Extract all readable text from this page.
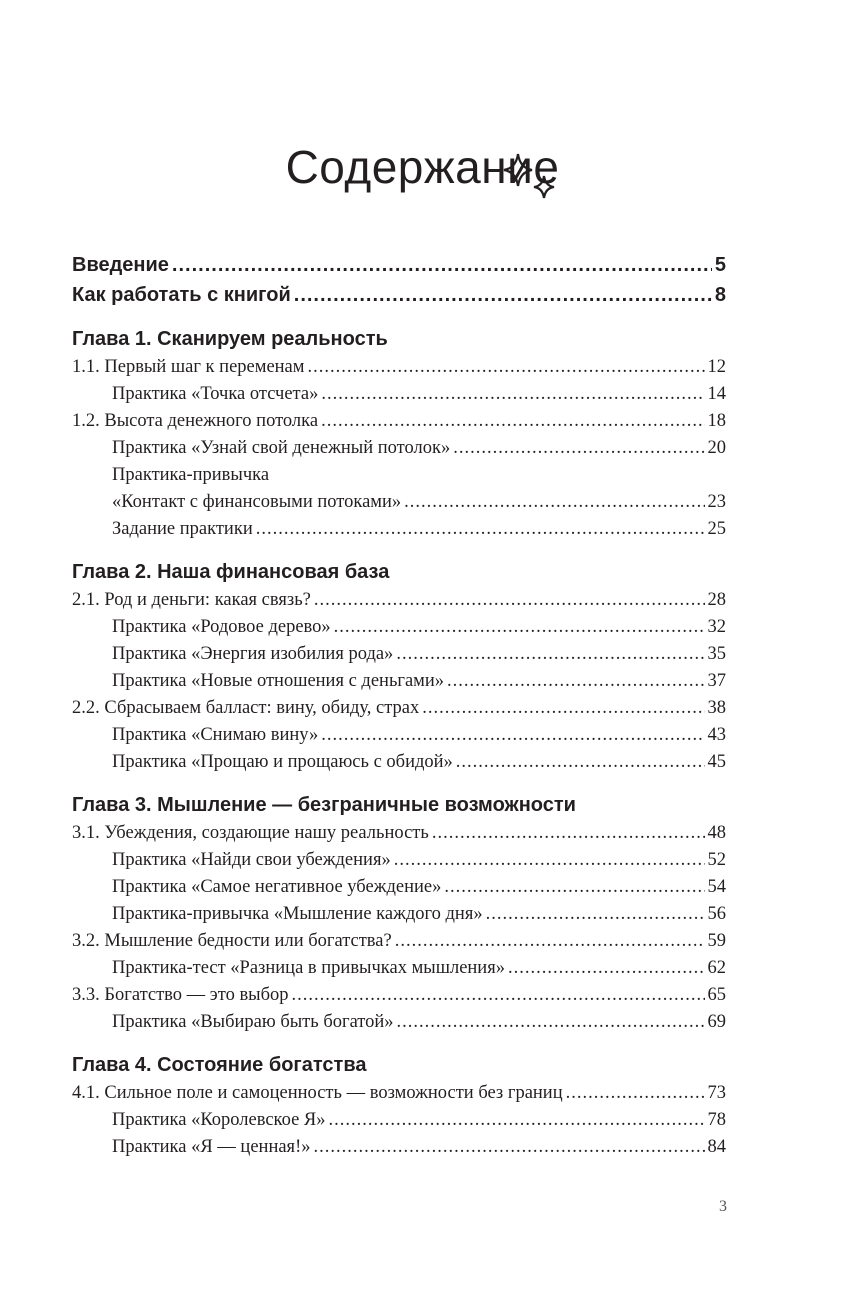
Содержание
Введение .....	5
Как работать с книгой .....	8
Глава 1. Сканируем реальность
1.1. Первый шаг к переменам .....	12
Практика «Точка отсчета» .....	14
1.2. Высота денежного потолка .....	18
Практика «Узнай свой денежный потолок» .....	20
Практика-привычка
«Контакт с финансовыми потоками» .....	23
Задание практики .....	25
Глава 2. Наша финансовая база
2.1. Род и деньги: какая связь? .....	28
Практика «Родовое дерево» .....	32
Практика «Энергия изобилия рода» .....	35
Практика «Новые отношения с деньгами» .....	37
2.2. Сбрасываем балласт: вину, обиду, страх .....	38
Практика «Снимаю вину» .....	43
Практика «Прощаю и прощаюсь с обидой» .....	45
Глава 3. Мышление — безграничные возможности
3.1. Убеждения, создающие нашу реальность .....	48
Практика «Найди свои убеждения» .....	52
Практика «Самое негативное убеждение» .....	54
Практика-привычка «Мышление каждого дня» .....	56
3.2. Мышление бедности или богатства? .....	59
Практика-тест «Разница в привычках мышления» .....	62
3.3. Богатство — это выбор .....	65
Практика «Выбираю быть богатой» .....	69
Глава 4. Состояние богатства
4.1. Сильное поле и самоценность — возможности без границ .....	73
Практика «Королевское Я» .....	78
Практика «Я — ценная!» .....	84
3
